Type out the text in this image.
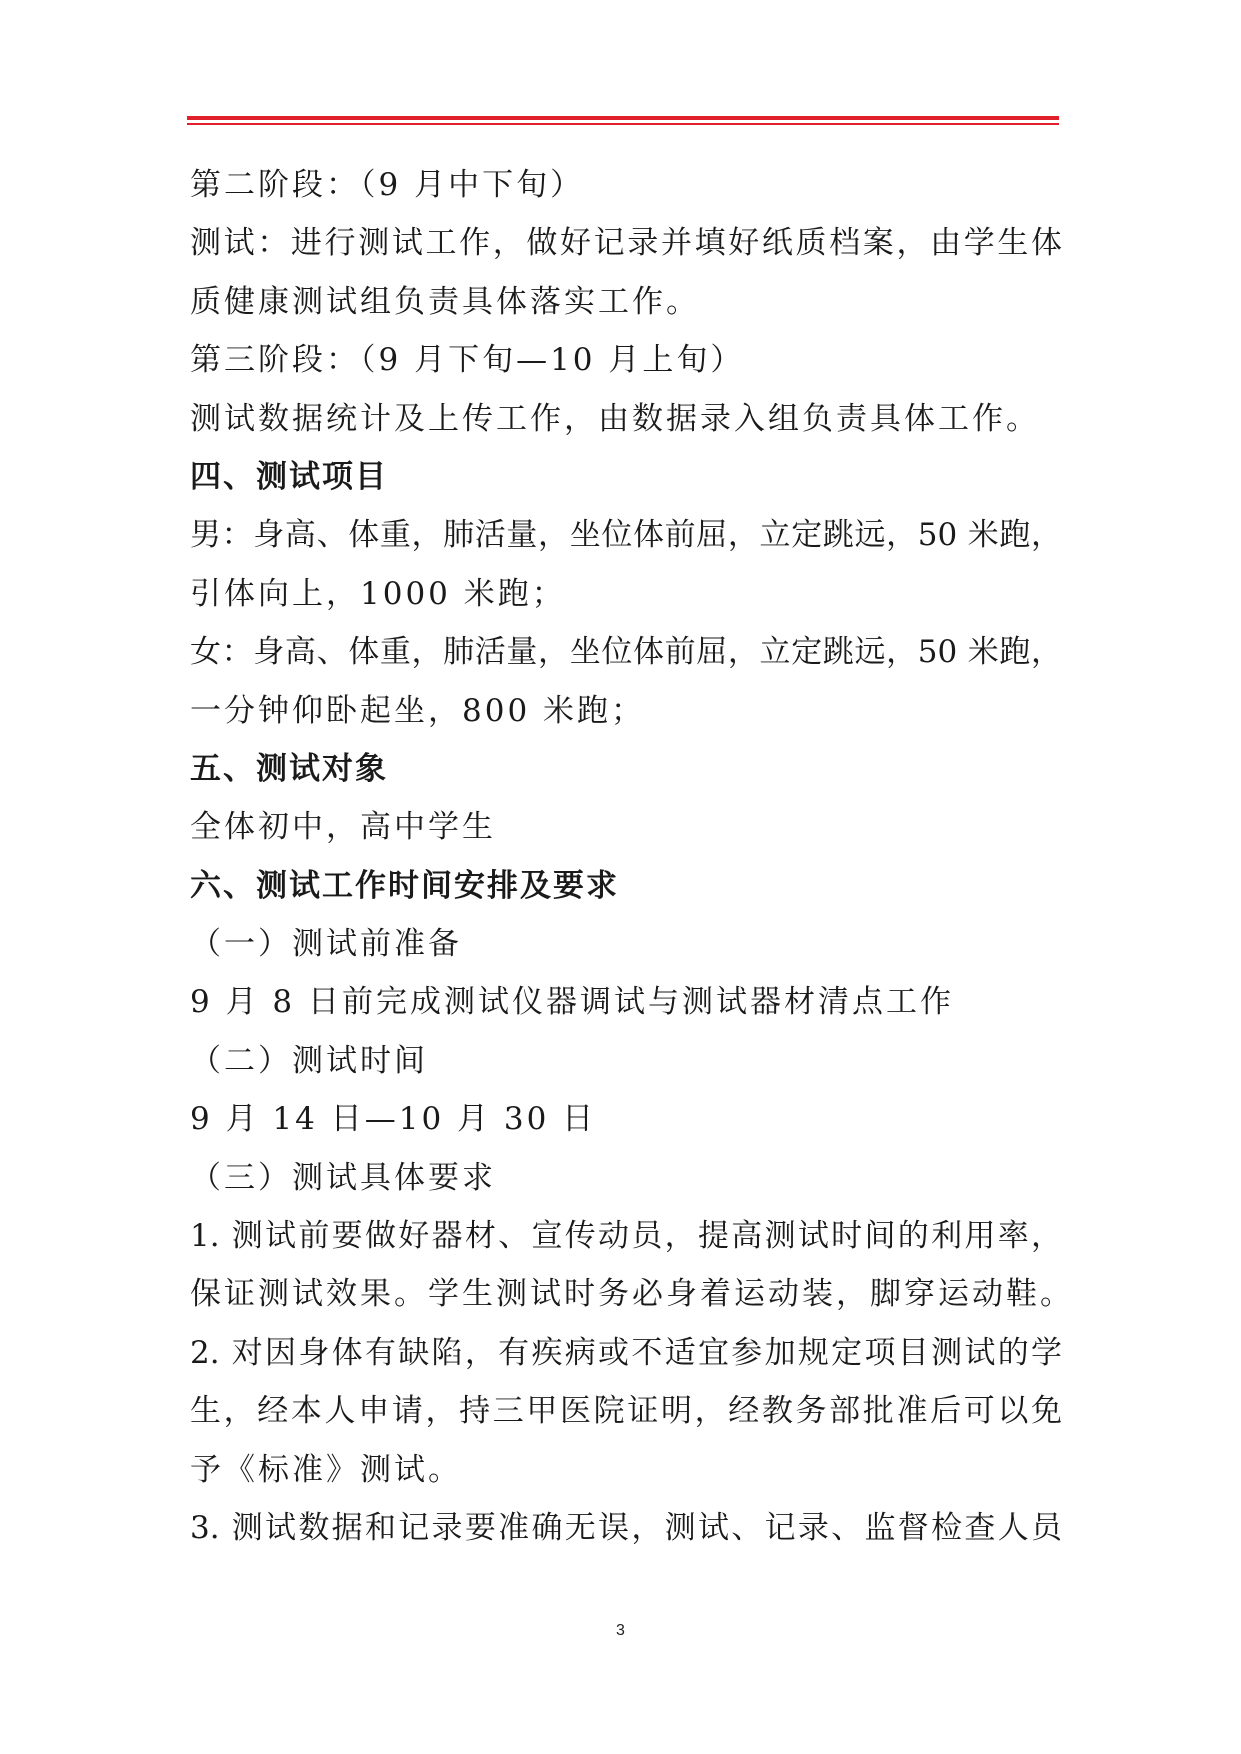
第二阶段：（9 月中下旬）
测试：进行测试工作，做好记录并填好纸质档案，由学生体
质健康测试组负责具体落实工作。
第三阶段：（9 月下旬—10 月上旬）
测试数据统计及上传工作，由数据录入组负责具体工作。
四、测试项目
男：身高、体重，肺活量，坐位体前屈，立定跳远，50 米跑，
引体向上，1000 米跑；
女：身高、体重，肺活量，坐位体前屈，立定跳远，50 米跑，
一分钟仰卧起坐，800 米跑；
五、测试对象
全体初中，高中学生
六、测试工作时间安排及要求
（一）测试前准备
9 月 8 日前完成测试仪器调试与测试器材清点工作
（二）测试时间
9 月 14 日—10 月 30 日
（三）测试具体要求
1. 测试前要做好器材、宣传动员，提高测试时间的利用率，
保证测试效果。学生测试时务必身着运动装，脚穿运动鞋。
2. 对因身体有缺陷，有疾病或不适宜参加规定项目测试的学
生，经本人申请，持三甲医院证明，经教务部批准后可以免
予《标准》测试。
3. 测试数据和记录要准确无误，测试、记录、监督检查人员
3
